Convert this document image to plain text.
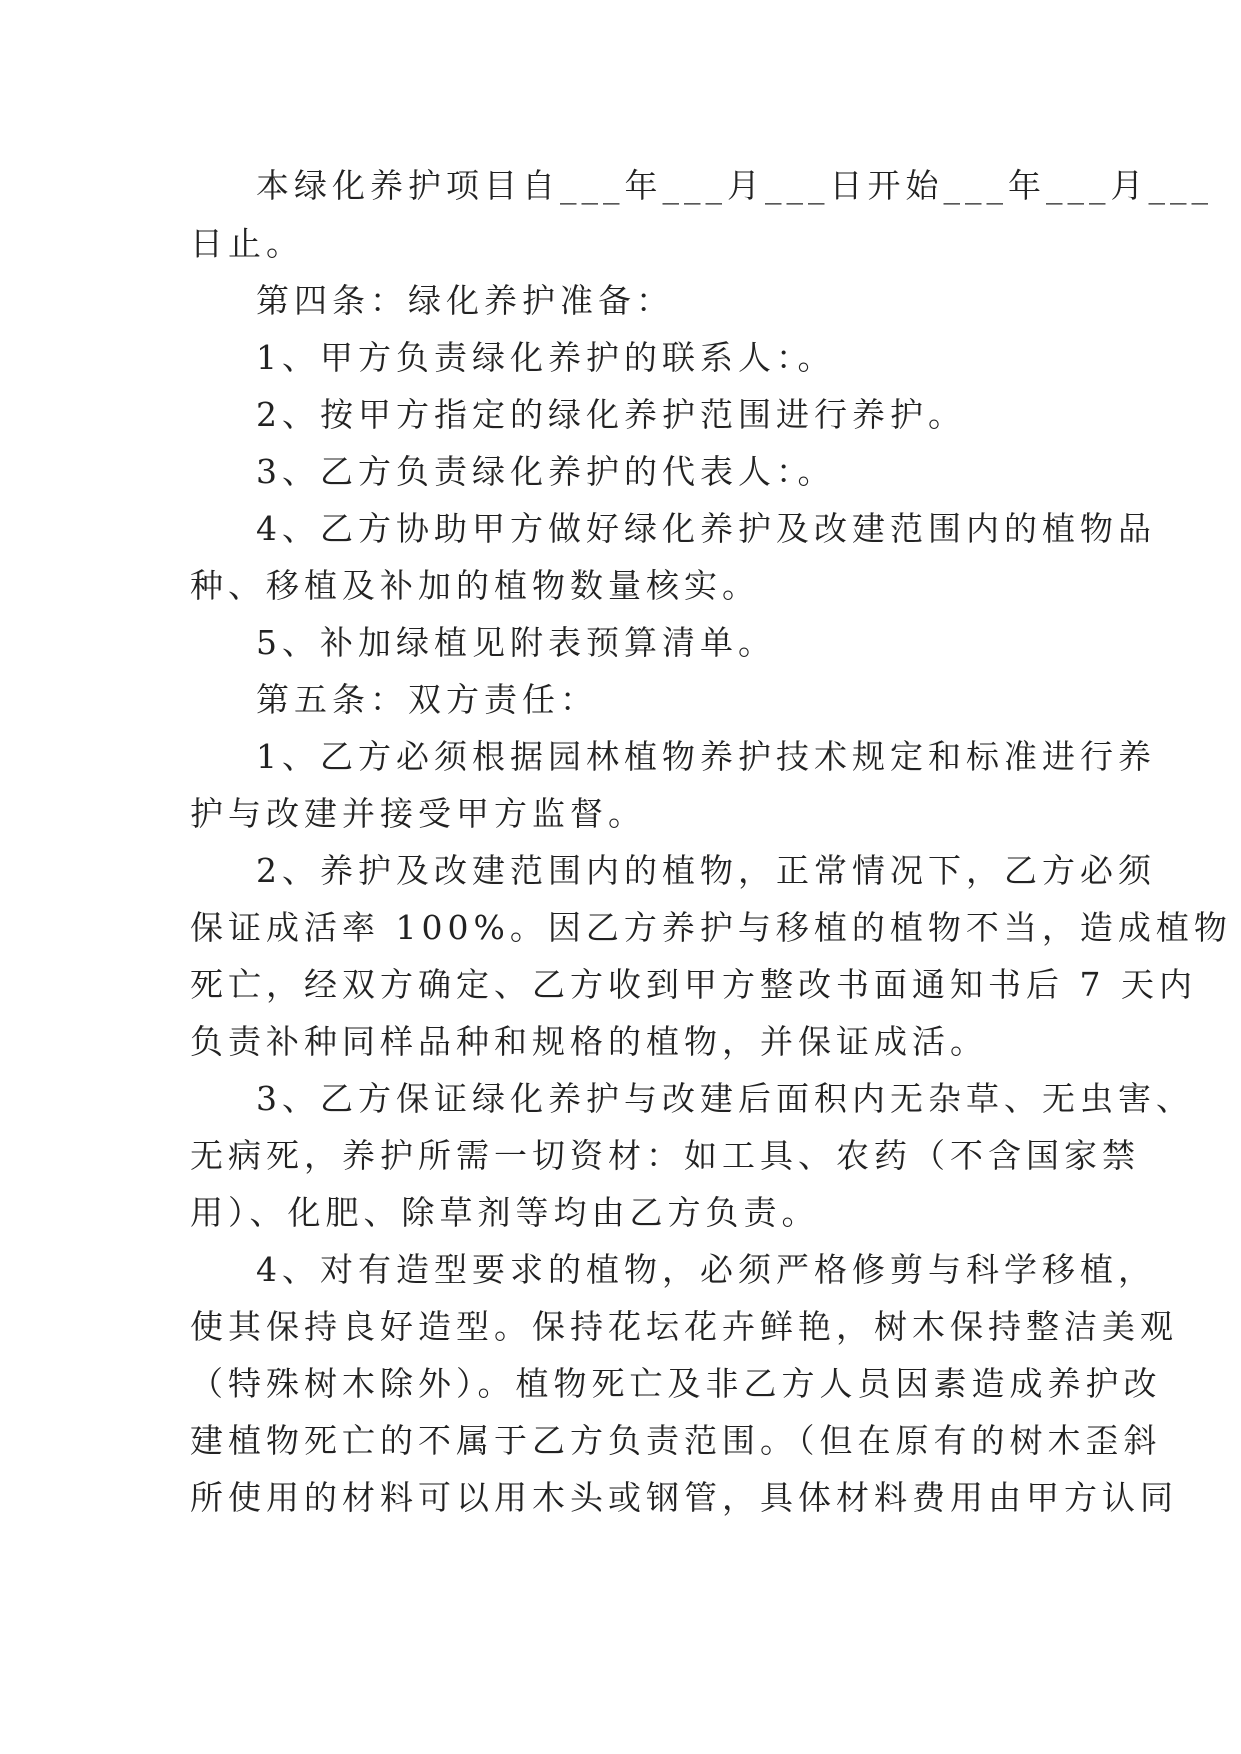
本绿化养护项目自___年___月___日开始___年___月___
日止。
第四条：绿化养护准备：
1、甲方负责绿化养护的联系人：。
2、按甲方指定的绿化养护范围进行养护。
3、乙方负责绿化养护的代表人：。
4、乙方协助甲方做好绿化养护及改建范围内的植物品
种、移植及补加的植物数量核实。
5、补加绿植见附表预算清单。
第五条：双方责任：
1、乙方必须根据园林植物养护技术规定和标准进行养
护与改建并接受甲方监督。
2、养护及改建范围内的植物，正常情况下，乙方必须
保证成活率 100%。因乙方养护与移植的植物不当，造成植物
死亡，经双方确定、乙方收到甲方整改书面通知书后 7 天内
负责补种同样品种和规格的植物，并保证成活。
3、乙方保证绿化养护与改建后面积内无杂草、无虫害、
无病死，养护所需一切资材：如工具、农药（不含国家禁
用）、化肥、除草剂等均由乙方负责。
4、对有造型要求的植物，必须严格修剪与科学移植，
使其保持良好造型。保持花坛花卉鲜艳，树木保持整洁美观
（特殊树木除外）。植物死亡及非乙方人员因素造成养护改
建植物死亡的不属于乙方负责范围。（但在原有的树木歪斜
所使用的材料可以用木头或钢管，具体材料费用由甲方认同
